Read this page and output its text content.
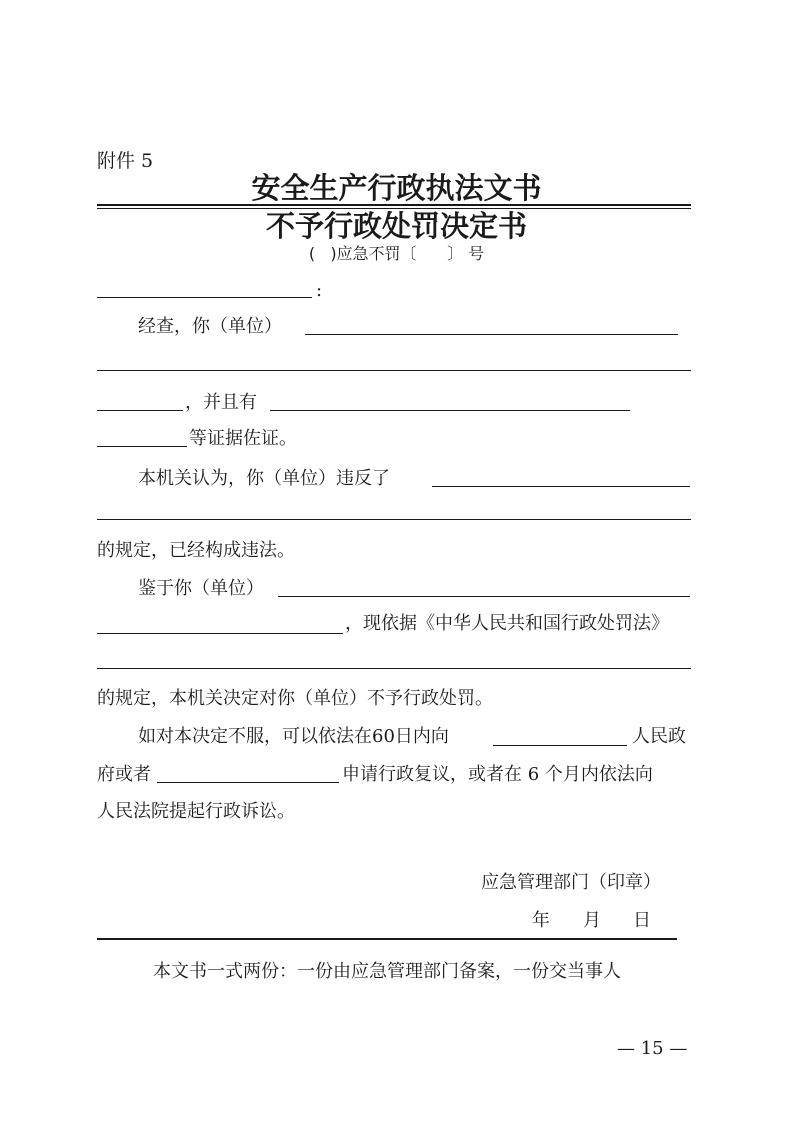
附件 5
安全生产行政执法文书
不予行政处罚决定书
(   )应急不罚〔      〕 号
:
经查，你（单位）
，并且有
等证据佐证。
本机关认为，你（单位）违反了
的规定，已经构成违法。
鉴于你（单位）
，现依据《中华人民共和国行政处罚法》
的规定，本机关决定对你（单位）不予行政处罚。
如对本决定不服，可以依法在60日内向	人民政
府或者	申请行政复议，或者在 6 个月内依法向
人民法院提起行政诉讼。
应急管理部门（印章）
年 月 日
本文书一式两份：一份由应急管理部门备案，一份交当事人
— 15 —
